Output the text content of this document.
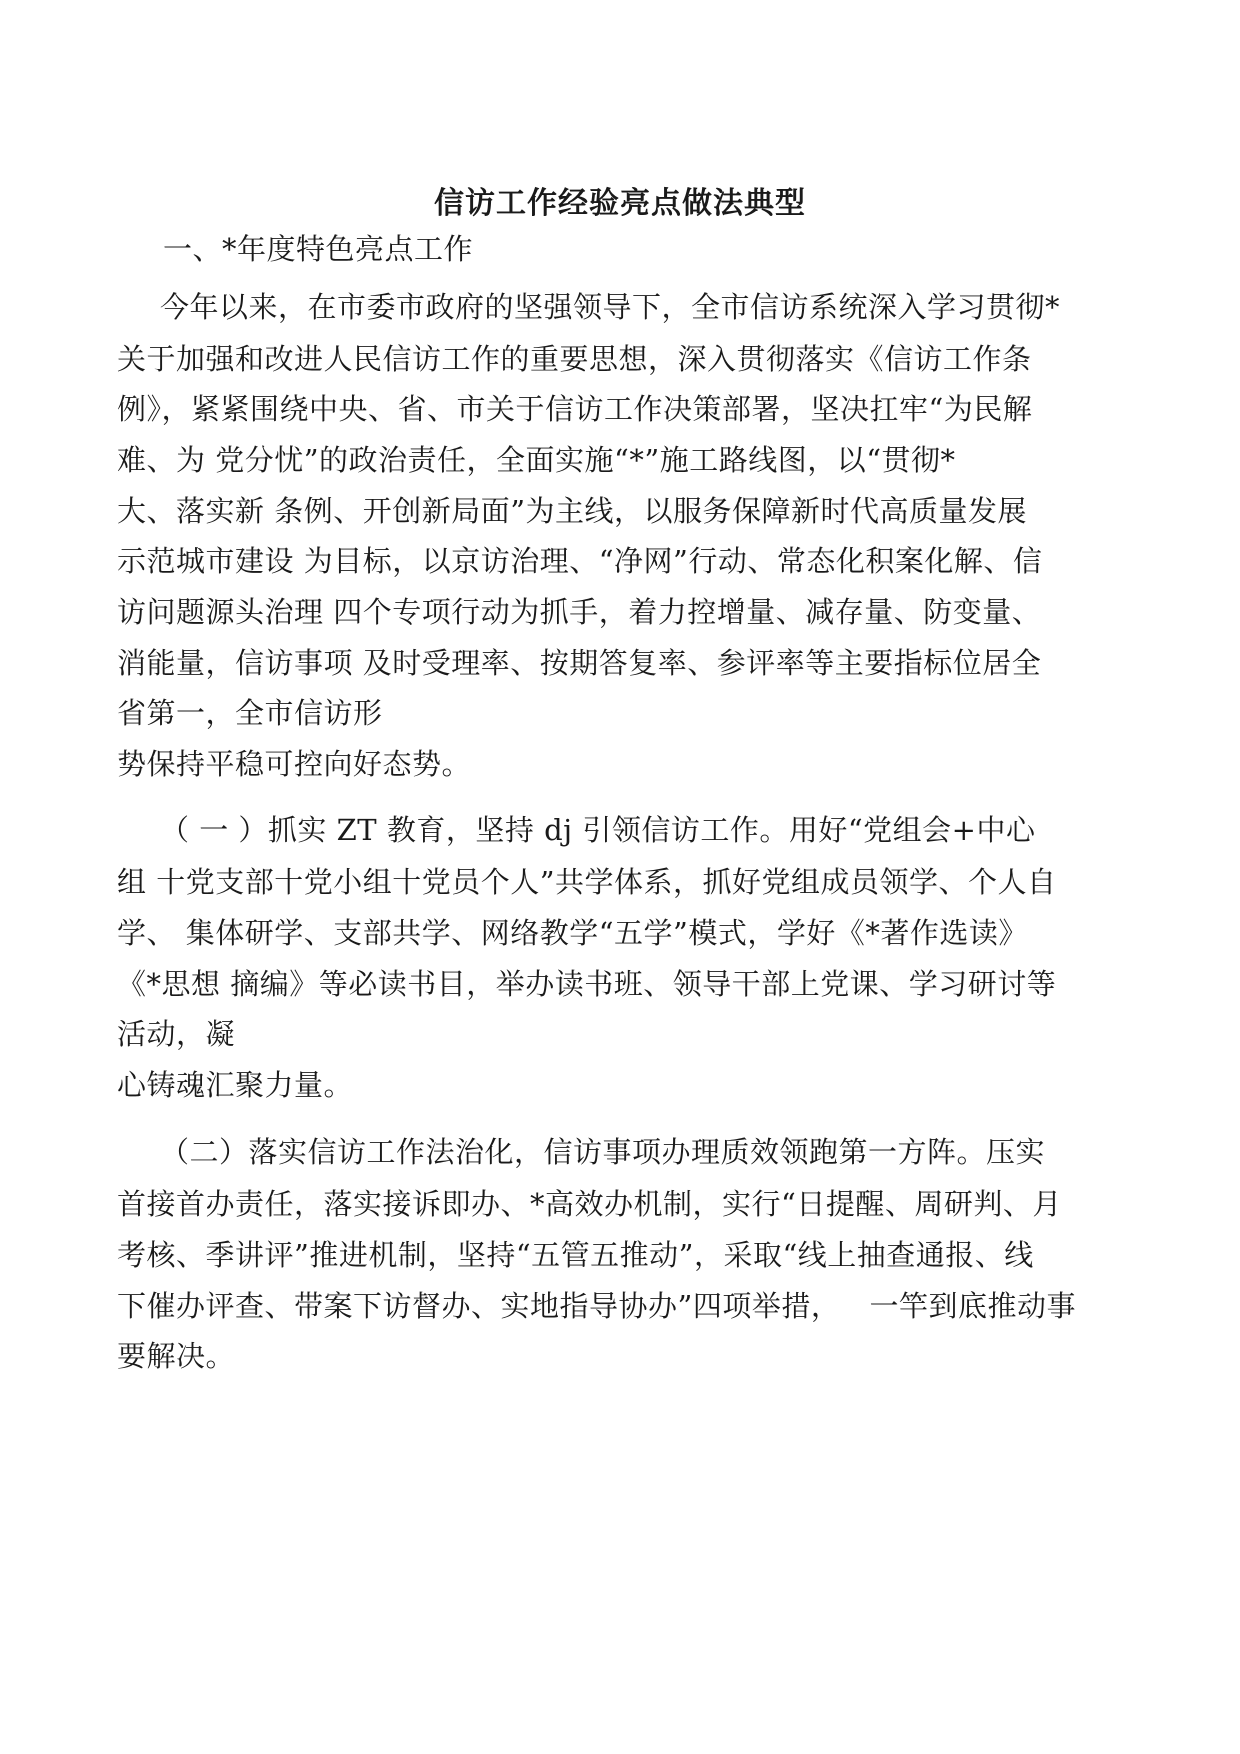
信访工作经验亮点做法典型
一、*年度特色亮点工作
今年以来，在市委市政府的坚强领导下，全市信访系统深入学习贯彻*
关于加强和改进人民信访工作的重要思想，深入贯彻落实《信访工作条
例》，紧紧围绕中央、省、市关于信访工作决策部署，坚决扛牢“为民解
难、为 党分忧”的政治责任，全面实施“*”施工路线图，以“贯彻*
大、落实新 条例、开创新局面”为主线，以服务保障新时代高质量发展
示范城市建设 为目标，以京访治理、“净网”行动、常态化积案化解、信
访问题源头治理 四个专项行动为抓手，着力控增量、减存量、防变量、
消能量，信访事项 及时受理率、按期答复率、参评率等主要指标位居全
省第一，全市信访形
势保持平稳可控向好态势。
（ 一 ）抓实 ZT 教育，坚持 dj 引领信访工作。用好“党组会+中心
组 十党支部十党小组十党员个人”共学体系，抓好党组成员领学、个人自
学、 集体研学、支部共学、网络教学“五学”模式，学好《*著作选读》
《*思想 摘编》等必读书目，举办读书班、领导干部上党课、学习研讨等
活动，凝
心铸魂汇聚力量。
（二）落实信访工作法治化，信访事项办理质效领跑第一方阵。压实
首接首办责任，落实接诉即办、*高效办机制，实行“日提醒、周研判、月
考核、季讲评”推进机制，坚持“五管五推动”，采取“线上抽查通报、线
下催办评查、带案下访督办、实地指导协办”四项举措，   一竿到底推动事
要解决。
